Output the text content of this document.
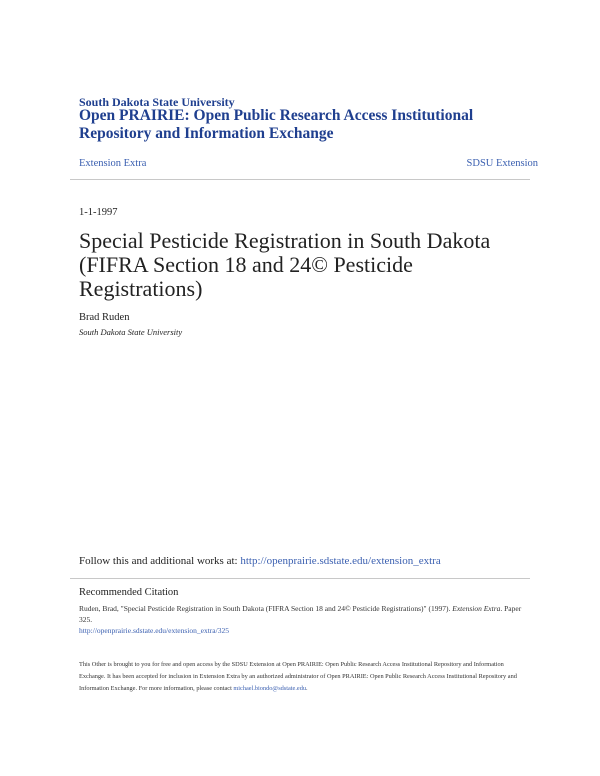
South Dakota State University
Open PRAIRIE: Open Public Research Access Institutional Repository and Information Exchange
Extension Extra	SDSU Extension
1-1-1997
Special Pesticide Registration in South Dakota (FIFRA Section 18 and 24© Pesticide Registrations)
Brad Ruden
South Dakota State University
Follow this and additional works at: http://openprairie.sdstate.edu/extension_extra
Recommended Citation
Ruden, Brad, "Special Pesticide Registration in South Dakota (FIFRA Section 18 and 24© Pesticide Registrations)" (1997). Extension Extra. Paper 325.
http://openprairie.sdstate.edu/extension_extra/325
This Other is brought to you for free and open access by the SDSU Extension at Open PRAIRIE: Open Public Research Access Institutional Repository and Information Exchange. It has been accepted for inclusion in Extension Extra by an authorized administrator of Open PRAIRIE: Open Public Research Access Institutional Repository and Information Exchange. For more information, please contact michael.biondo@sdstate.edu.
